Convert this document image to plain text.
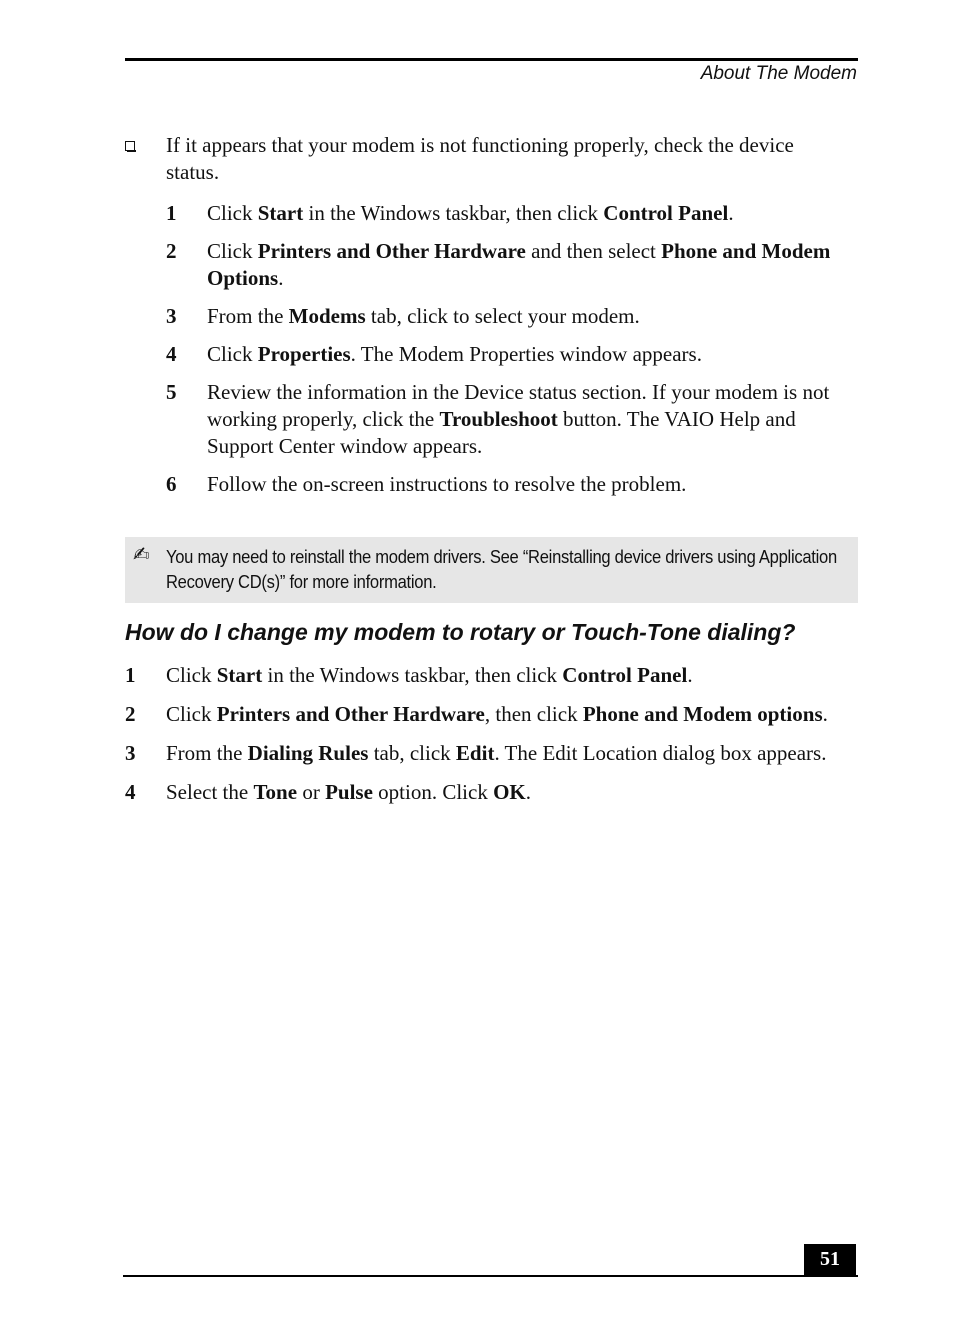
About The Modem
If it appears that your modem is not functioning properly, check the device status.
1 Click Start in the Windows taskbar, then click Control Panel.
2 Click Printers and Other Hardware and then select Phone and Modem Options.
3 From the Modems tab, click to select your modem.
4 Click Properties. The Modem Properties window appears.
5 Review the information in the Device status section. If your modem is not working properly, click the Troubleshoot button. The VAIO Help and Support Center window appears.
6 Follow the on-screen instructions to resolve the problem.
✍ You may need to reinstall the modem drivers. See “Reinstalling device drivers using Application Recovery CD(s)” for more information.
How do I change my modem to rotary or Touch-Tone dialing?
1 Click Start in the Windows taskbar, then click Control Panel.
2 Click Printers and Other Hardware, then click Phone and Modem options.
3 From the Dialing Rules tab, click Edit. The Edit Location dialog box appears.
4 Select the Tone or Pulse option. Click OK.
51
